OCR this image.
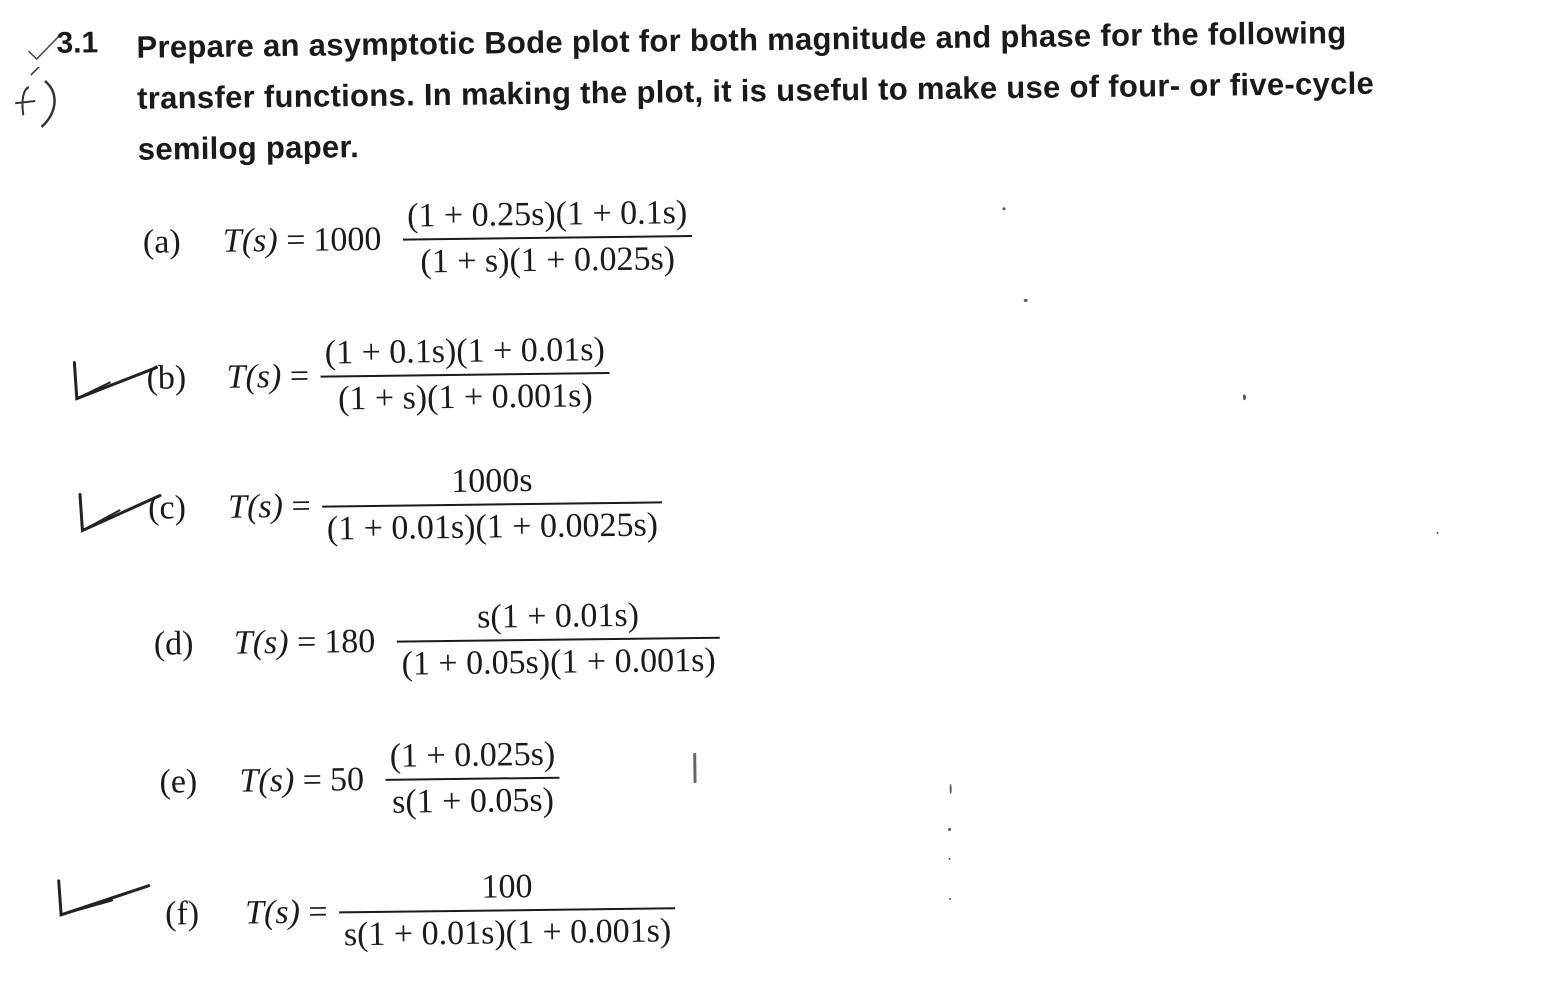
3.1 Prepare an asymptotic Bode plot for both magnitude and phase for the following
transfer functions. In making the plot, it is useful to make use of four- or five-cycle
semilog paper.
(a)	T(s) = 1000
(1 + 0.25s)(1 + 0.1s)
(1 + s)(1 + 0.025s)
(b)	T(s) =
(1 + 0.1s)(1 + 0.01s)
(1 + s)(1 + 0.001s)
(c)	T(s) =
1000s
(1 + 0.01s)(1 + 0.0025s)
(d)	T(s) = 180
s(1 + 0.01s)
(1 + 0.05s)(1 + 0.001s)
(e)	T(s) = 50
(1 + 0.025s)
s(1 + 0.05s)
(f)	T(s) =
100
s(1 + 0.01s)(1 + 0.001s)
